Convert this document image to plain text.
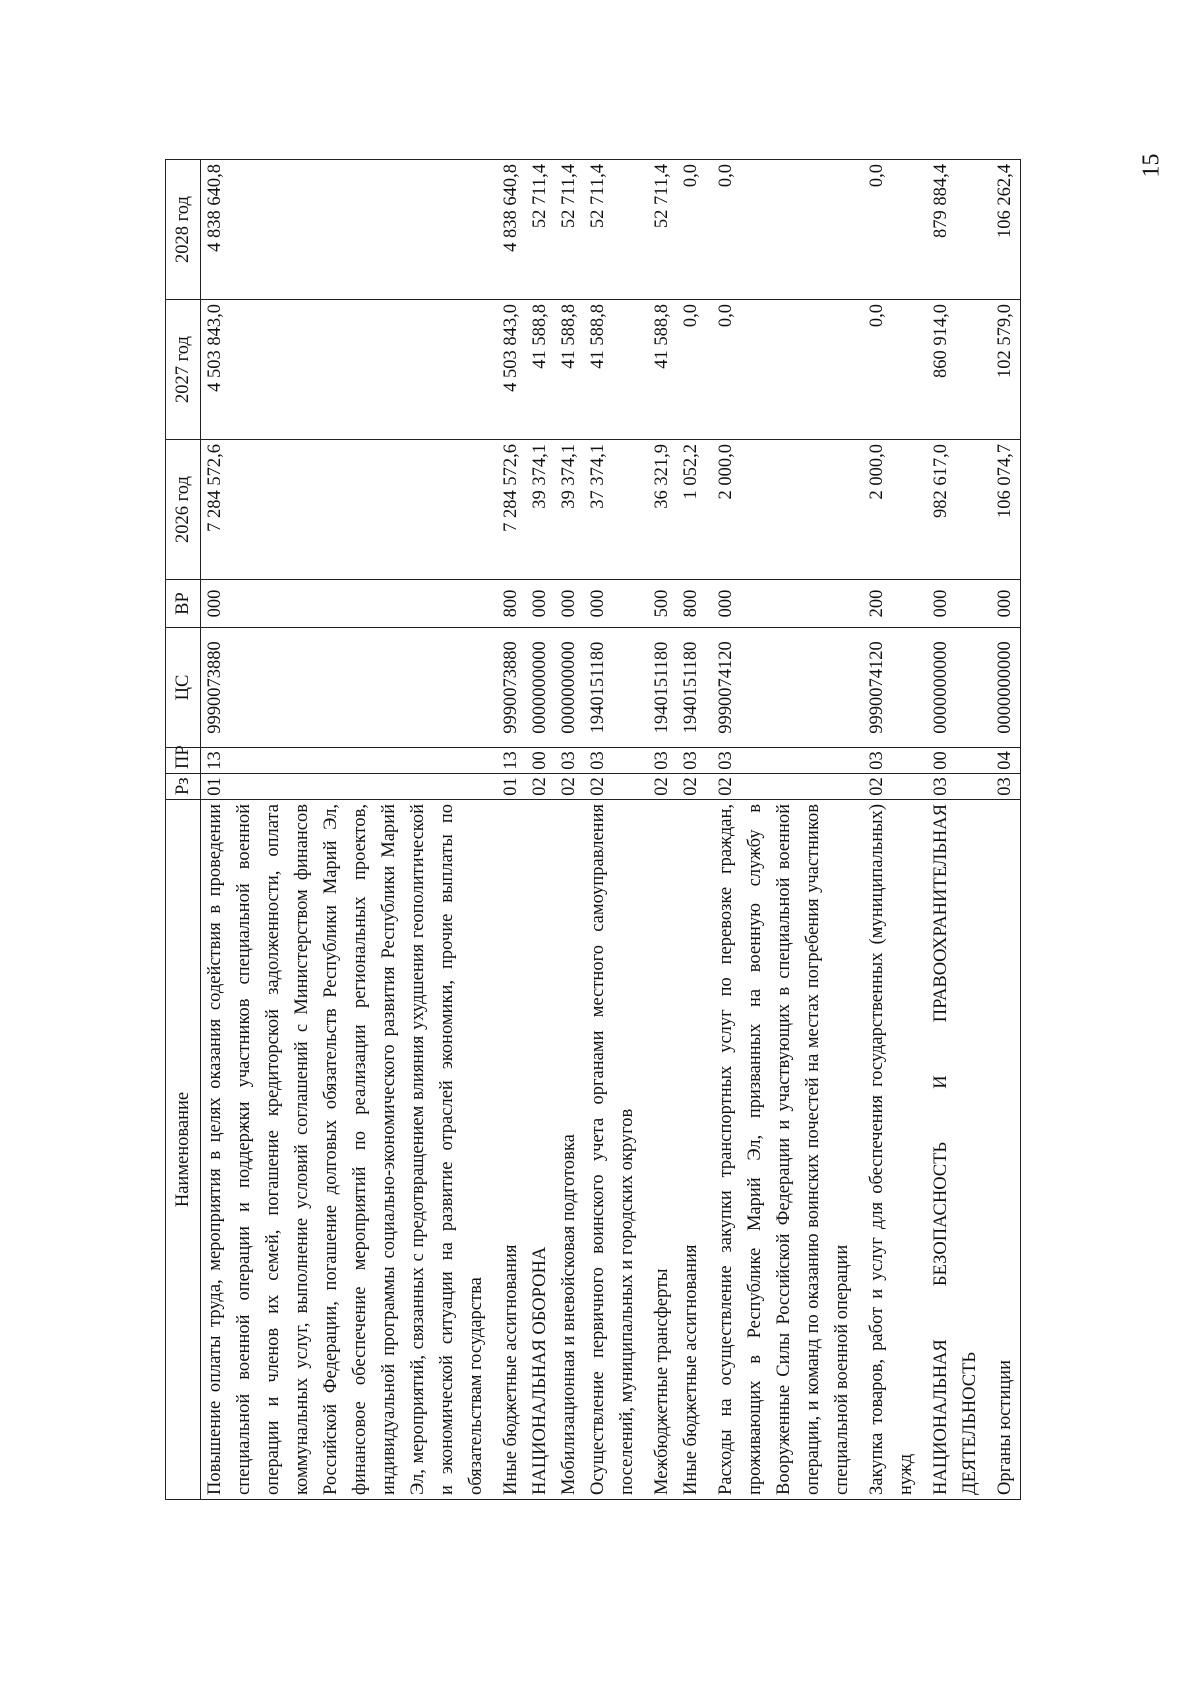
15
Наименование	Рз	ПР	ЦС	ВР	2026 год	2027 год	2028 год
Повышение оплаты труда, мероприятия в целях оказания содействия в проведении специальной военной операции и поддержки участников специальной военной операции и членов их семей, погашение кредиторской задолженности, оплата коммунальных услуг, выполнение условий соглашений с Министерством финансов Российской Федерации, погашение долговых обязательств Республики Марий Эл, финансовое обеспечение мероприятий по реализации региональных проектов, индивидуальной программы социально-экономического развития Республики Марий Эл, мероприятий, связанных с предотвращением влияния ухудшения геополитической и экономической ситуации на развитие отраслей экономики, прочие выплаты по обязательствам государства	01	13	9990073880	000	7 284 572,6	4 503 843,0	4 838 640,8

Иные бюджетные ассигнования	01	13	9990073880	800	7 284 572,6	4 503 843,0	4 838 640,8
НАЦИОНАЛЬНАЯ ОБОРОНА	02	00	0000000000	000	39 374,1	41 588,8	52 711,4
Мобилизационная и вневойсковая подготовка	02	03	0000000000	000	39 374,1	41 588,8	52 711,4
Осуществление первичного воинского учета органами местного самоуправления поселений, муниципальных и городских округов	02	03	1940151180	000	37 374,1	41 588,8	52 711,4

Межбюджетные трансферты	02	03	1940151180	500	36 321,9	41 588,8	52 711,4
Иные бюджетные ассигнования	02	03	1940151180	800	1 052,2	0,0	0,0

Расходы на осуществление закупки транспортных услуг по перевозке граждан, проживающих в Республике Марий Эл, призванных на военную службу в Вооруженные Силы Российской Федерации и участвующих в специальной военной операции, и команд по оказанию воинских почестей на местах погребения участников специальной военной операции	02	03	9990074120	000	2 000,0	0,0	0,0

Закупка товаров, работ и услуг для обеспечения государственных (муниципальных) нужд	02	03	9990074120	200	2 000,0	0,0	0,0

НАЦИОНАЛЬНАЯ БЕЗОПАСНОСТЬ И ПРАВООХРАНИТЕЛЬНАЯ ДЕЯТЕЛЬНОСТЬ	03	00	0000000000	000	982 617,0	860 914,0	879 884,4

Органы юстиции	03	04	0000000000	000	106 074,7	102 579,0	106 262,4
